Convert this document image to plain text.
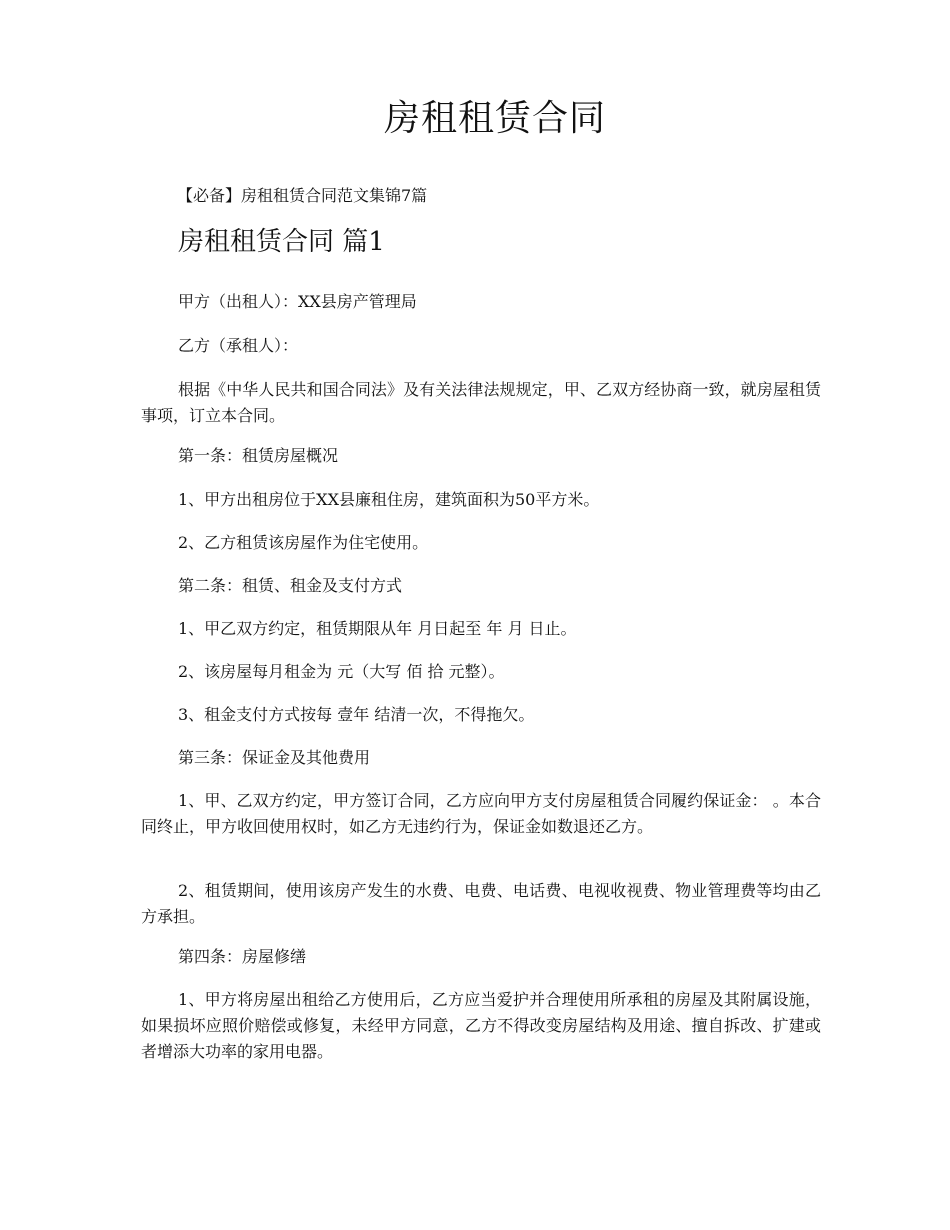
房租租赁合同
【必备】房租租赁合同范文集锦7篇
房租租赁合同 篇1

甲方（出租人）：XX县房产管理局

乙方（承租人）：

根据《中华人民共和国合同法》及有关法律法规规定，甲、乙双方经协商一致，就房屋租赁事项，订立本合同。

第一条：租赁房屋概况

1、甲方出租房位于XX县廉租住房，建筑面积为50平方米。

2、乙方租赁该房屋作为住宅使用。

第二条：租赁、租金及支付方式

1、甲乙双方约定，租赁期限从年 月日起至 年 月 日止。

2、该房屋每月租金为 元（大写 佰 拾 元整）。

3、租金支付方式按每 壹年 结清一次，不得拖欠。

第三条：保证金及其他费用

1、甲、乙双方约定，甲方签订合同，乙方应向甲方支付房屋租赁合同履约保证金： 。本合同终止，甲方收回使用权时，如乙方无违约行为，保证金如数退还乙方。

2、租赁期间，使用该房产发生的水费、电费、电话费、电视收视费、物业管理费等均由乙方承担。

第四条：房屋修缮

1、甲方将房屋出租给乙方使用后，乙方应当爱护并合理使用所承租的房屋及其附属设施，如果损坏应照价赔偿或修复，未经甲方同意，乙方不得改变房屋结构及用途、擅自拆改、扩建或者增添大功率的家用电器。
